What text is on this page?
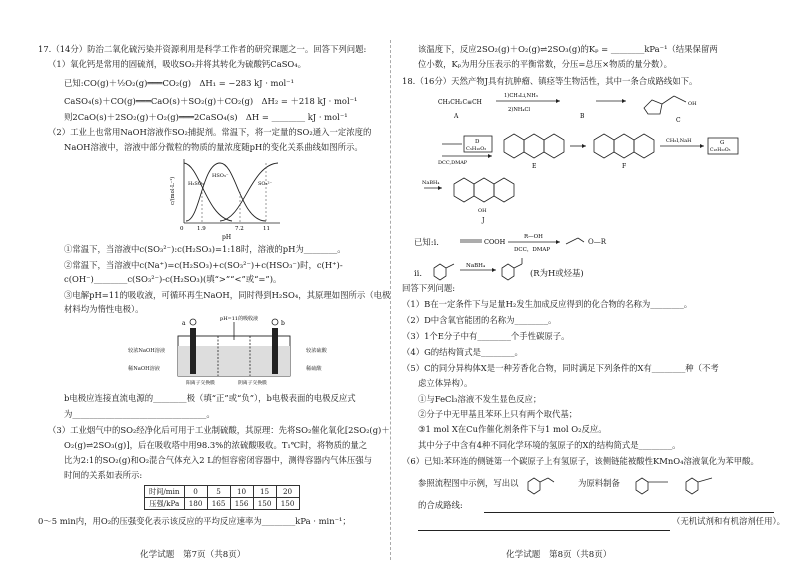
17.（14分）防治二氧化硫污染并资源利用是科学工作者的研究课题之一。回答下列问题:
（1）氧化钙是常用的固硫剂，吸收SO₂并将其转化为硫酸钙CaSO₄。
已知:CO(g)＋½O₂(g)═══CO₂(g)　ΔH₁ = −283 kJ · mol⁻¹
CaSO₄(s)＋CO(g)═══CaO(s)＋SO₂(g)＋CO₂(g)　ΔH₂ = ＋218 kJ · mol⁻¹
则2CaO(s)＋2SO₂(g)＋O₂(g)═══2CaSO₄(s)　ΔH = ________ kJ · mol⁻¹
（2）工业上也常用NaOH溶液作SO₂捕捉剂。常温下，将一定量的SO₂通入一定浓度的
NaOH溶液中，溶液中部分微粒的物质的量浓度随pH的变化关系曲线如图所示。
c/(mol·L⁻¹)
pH
0 1.9	7.2	11
H₂SO₃
HSO₃⁻
SO₃²⁻
①常温下，当溶液中c(SO₃²⁻):c(H₂SO₃)=1:18时，溶液的pH为________。
②常温下，当溶液中c(Na⁺)=c(H₂SO₃)+c(SO₃²⁻)+c(HSO₃⁻)时，c(H⁺)-
c(OH⁻)________c(SO₃²⁻)-c(H₂SO₃)(填“>”“<”或“=”)。
③电解pH=11的吸收液，可循环再生NaOH，同时得到H₂SO₄，其原理如图所示（电极
材料均为惰性电极）。
pH=11的吸收液
a	b
阳离子交换膜	阴离子交换膜
较浓NaOH溶液
稀NaOH溶液
较浓硫酸
稀硫酸
b电极应连接直流电源的________极（填“正”或“负”），b电极表面的电极反应式
为________________________________。
（3）工业烟气中的SO₂经净化后可用于工业制硫酸，其原理：先将SO₂催化氧化[2SO₂(g)＋
O₂(g)⇌2SO₃(g)]，后在吸收塔中用98.3%的浓硫酸吸收。T₁℃时，将物质的量之
比为2:1的SO₂(g)和O₂混合气体充入2 L的恒容密闭容器中，测得容器内气体压强与
时间的关系如表所示:
时间/min	0	5	10	15	20
压强/kPa	180	165	156	150	150
0～5 min内，用O₂的压强变化表示该反应的平均反应速率为________kPa · min⁻¹；
化学试题　第7页（共8页）
该温度下，反应2SO₂(g)＋O₂(g)⇌2SO₃(g)的Kₚ = ________kPa⁻¹（结果保留两
位小数，Kₚ为用分压表示的平衡常数，分压=总压×物质的量分数）。
18.（16分）天然产物J具有抗肿瘤、镇痉等生物活性，其中一条合成路线如下。
CH₃CH₂C≡CH
A
1)CH₃Li,NH₃
2)NH₄Cl
B
C
OH
D
C₅H₁₀O₂
DCC,DMAP	E	F
CH₃I,NaH	G
C₁₈H₂₂O₃
NaBH₄
OH
J
已知:ⅰ.	COOH
R—OH
DCC，DMAP
O—R
ⅱ.
NaBH₄
(R为H或烃基)
回答下列问题:
（1）B在一定条件下与足量H₂发生加成反应得到的化合物的名称为________。
（2）D中含氧官能团的名称为________。
（3）1个E分子中有________个手性碳原子。
（4）G的结构简式是________。
（5）C的同分异构体X是一种芳香化合物，同时满足下列条件的X有________种（不考
虑立体异构）。
①与FeCl₃溶液不发生显色反应；
②分子中无甲基且苯环上只有两个取代基；
③1 mol X在Cu作催化剂条件下与1 mol O₂反应。
其中分子中含有4种不同化学环境的氢原子的X的结构简式是________。
（6）已知:苯环连的侧链第一个碳原子上有氢原子，该侧链能被酸性KMnO₄溶液氧化为苯甲酸。
参照流程图中示例，写出以	为原料制备
的合成路线:
（无机试剂和有机溶剂任用）。
化学试题　第8页（共8页）
